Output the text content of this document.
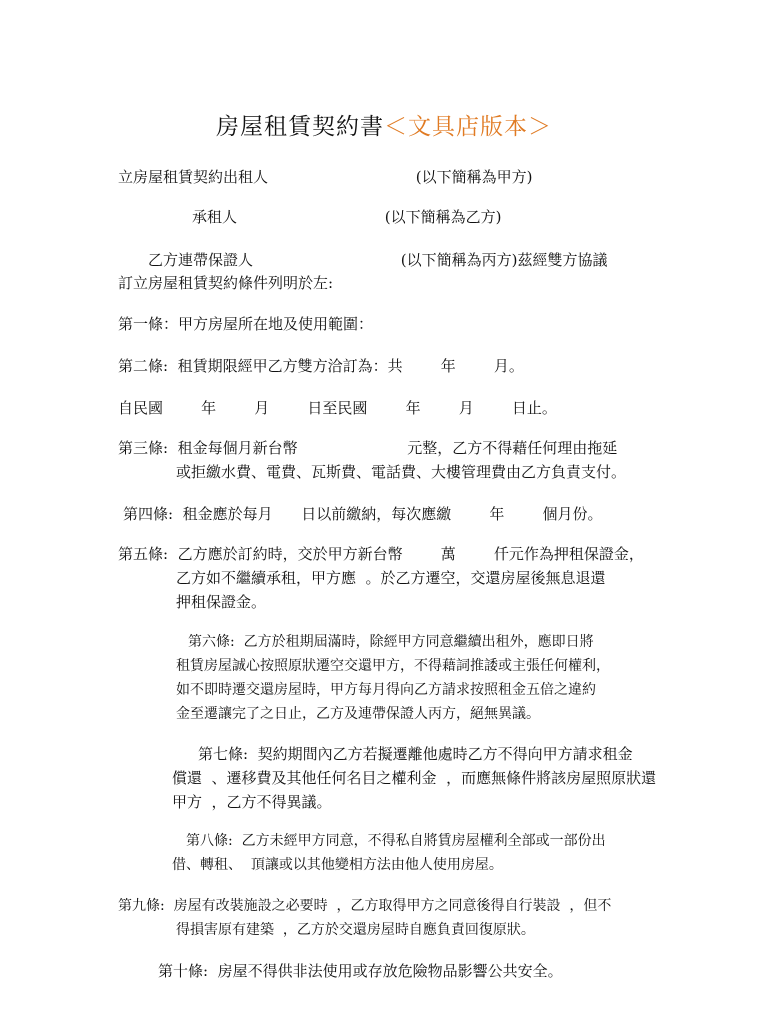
房屋租賃契約書＜文具店版本＞
立房屋租賃契約出租人                               (以下簡稱為甲方)
承租人                               (以下簡稱為乙方)
乙方連帶保證人                               (以下簡稱為丙方)茲經雙方協議
訂立房屋租賃契約條件列明於左:
第一條：甲方房屋所在地及使用範圍：
第二條:  租賃期限經甲乙方雙方洽訂為：共        年        月。
自民國        年        月        日至民國        年        月        日止。
第三條:  租金每個月新台幣                       元整，乙方不得藉任何理由拖延
或拒繳水費、電費、瓦斯費、電話費、大樓管理費由乙方負責支付。
第四條:  租金應於每月      日以前繳納，每次應繳        年        個月份。
第五條:  乙方應於訂約時，交於甲方新台幣        萬        仟元作為押租保證金，
乙方如不繼續承租，甲方應  。於乙方遷空，交還房屋後無息退還
押租保證金。
第六條:  乙方於租期屆滿時，除經甲方同意繼續出租外，應即日將
租賃房屋誠心按照原狀遷空交還甲方，不得藉詞推諉或主張任何權利，
如不即時遷交還房屋時，甲方每月得向乙方請求按照租金五倍之違約
金至遷讓完了之日止，乙方及連帶保證人丙方，絕無異議。
第七條:  契約期間內乙方若擬遷離他處時乙方不得向甲方請求租金
償還  、遷移費及其他任何名目之權利金  ，而應無條件將該房屋照原狀還
甲方  ，乙方不得異議。
第八條:  乙方未經甲方同意，不得私自將賃房屋權利全部或一部份出
借、轉租、  頂讓或以其他變相方法由他人使用房屋。
第九條:  房屋有改裝施設之必要時  ，乙方取得甲方之同意後得自行裝設  ，但不
得損害原有建築  ，乙方於交還房屋時自應負責回復原狀。
第十條:  房屋不得供非法使用或存放危險物品影響公共安全。
